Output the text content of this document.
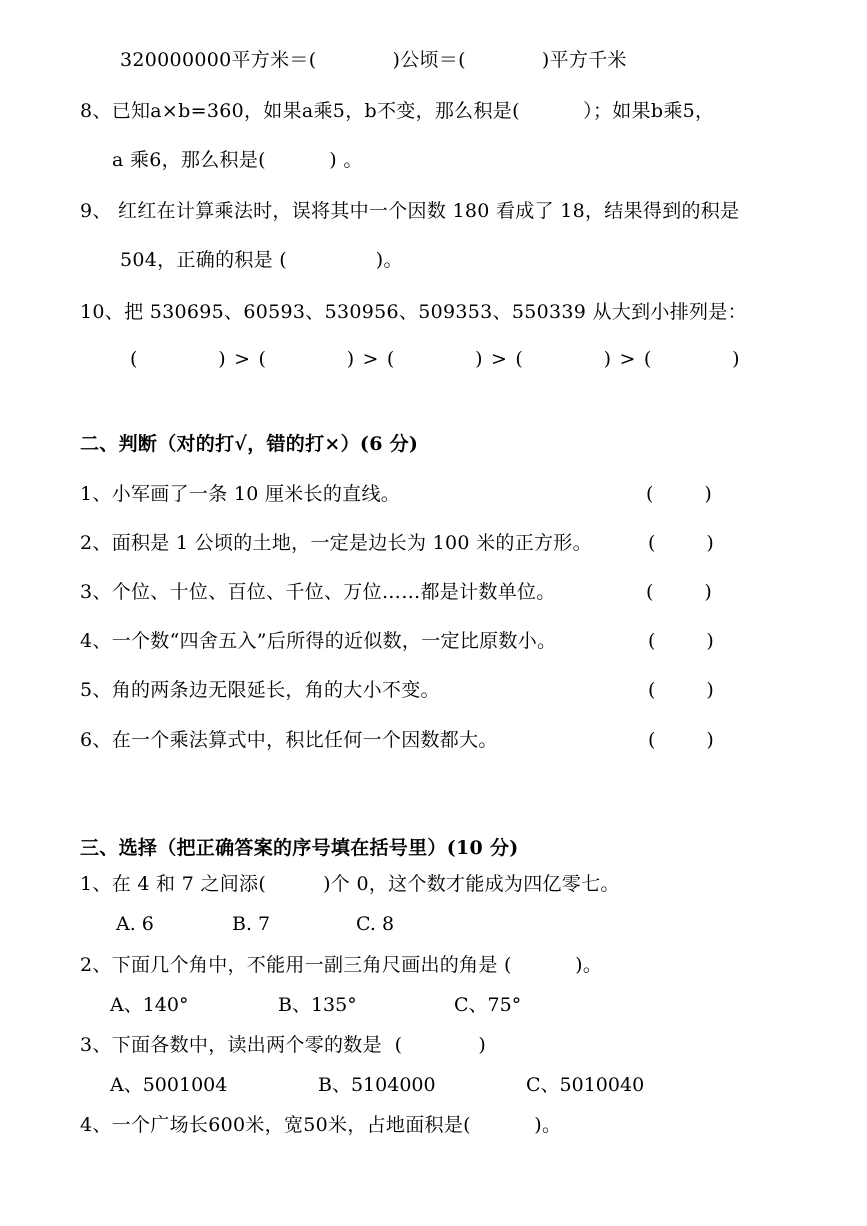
320000000平方米＝(            )公顷＝(            )平方千米
8、已知a×b=360，如果a乘5，b不变，那么积是(          ）；如果b乘5，
a 乘6，那么积是(          ) 。
9、 红红在计算乘法时，误将其中一个因数 180 看成了 18，结果得到的积是
504，正确的积是 (              )。
10、把 530695、60593、530956、509353、550339 从大到小排列是：
(           ) > (           ) > (           ) > (           ) > (           )
二、判断（对的打√，错的打×）(6 分)
1、小军画了一条 10 厘米长的直线。	(        )
2、面积是 1 公顷的土地，一定是边长为 100 米的正方形。	(        )
3、个位、十位、百位、千位、万位……都是计数单位。	(        )
4、一个数“四舍五入”后所得的近似数，一定比原数小。	(        )
5、角的两条边无限延长，角的大小不变。	(        )
6、在一个乘法算式中，积比任何一个因数都大。	(        )
三、选择（把正确答案的序号填在括号里）(10 分)
1、在 4 和 7 之间添(         )个 0，这个数才能成为四亿零七。
A. 6	B. 7	C. 8
2、下面几个角中，不能用一副三角尺画出的角是 (          )。
A、140°	B、135°	C、75°
3、下面各数中，读出两个零的数是  (            )
A、5001004	B、5104000	C、5010040
4、一个广场长600米，宽50米，占地面积是(          )。
